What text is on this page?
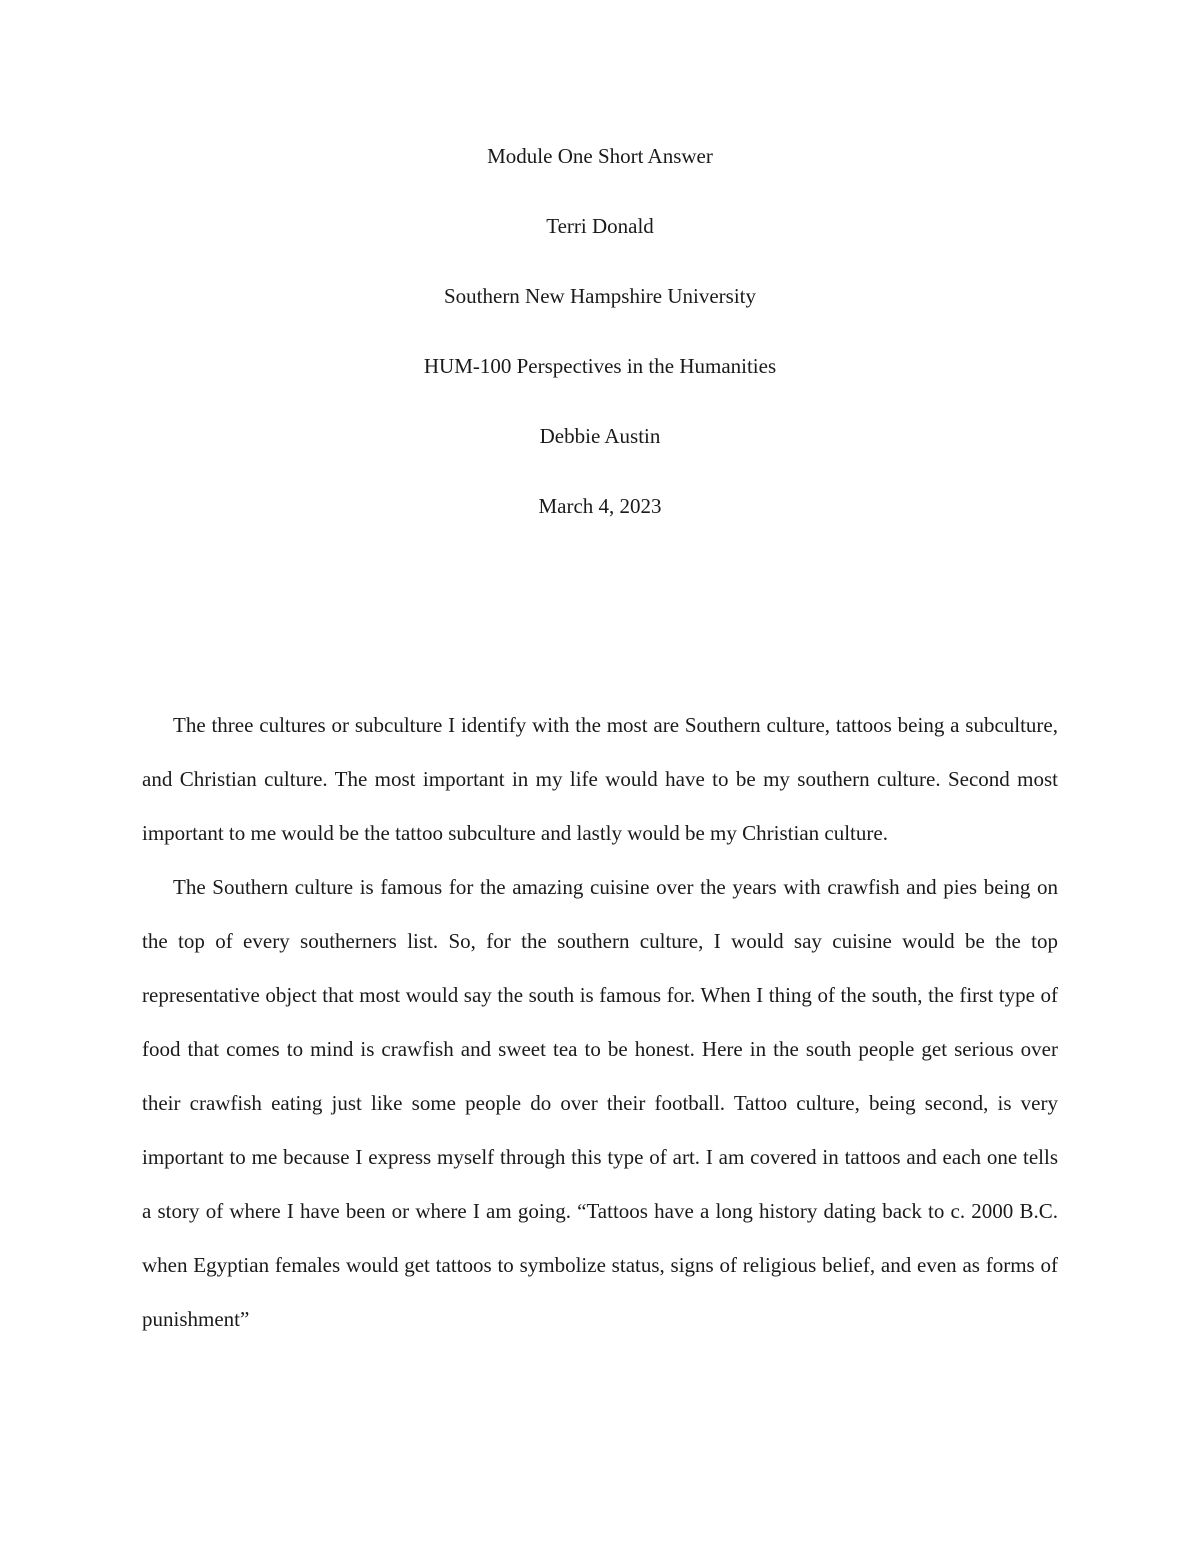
Module One Short Answer
Terri Donald
Southern New Hampshire University
HUM-100 Perspectives in the Humanities
Debbie Austin
March 4, 2023

The three cultures or subculture I identify with the most are Southern culture, tattoos being a subculture, and Christian culture. The most important in my life would have to be my southern culture. Second most important to me would be the tattoo subculture and lastly would be my Christian culture.

The Southern culture is famous for the amazing cuisine over the years with crawfish and pies being on the top of every southerners list. So, for the southern culture, I would say cuisine would be the top representative object that most would say the south is famous for. When I thing of the south, the first type of food that comes to mind is crawfish and sweet tea to be honest. Here in the south people get serious over their crawfish eating just like some people do over their football. Tattoo culture, being second, is very important to me because I express myself through this type of art. I am covered in tattoos and each one tells a story of where I have been or where I am going. “Tattoos have a long history dating back to c. 2000 B.C. when Egyptian females would get tattoos to symbolize status, signs of religious belief, and even as forms of punishment”
